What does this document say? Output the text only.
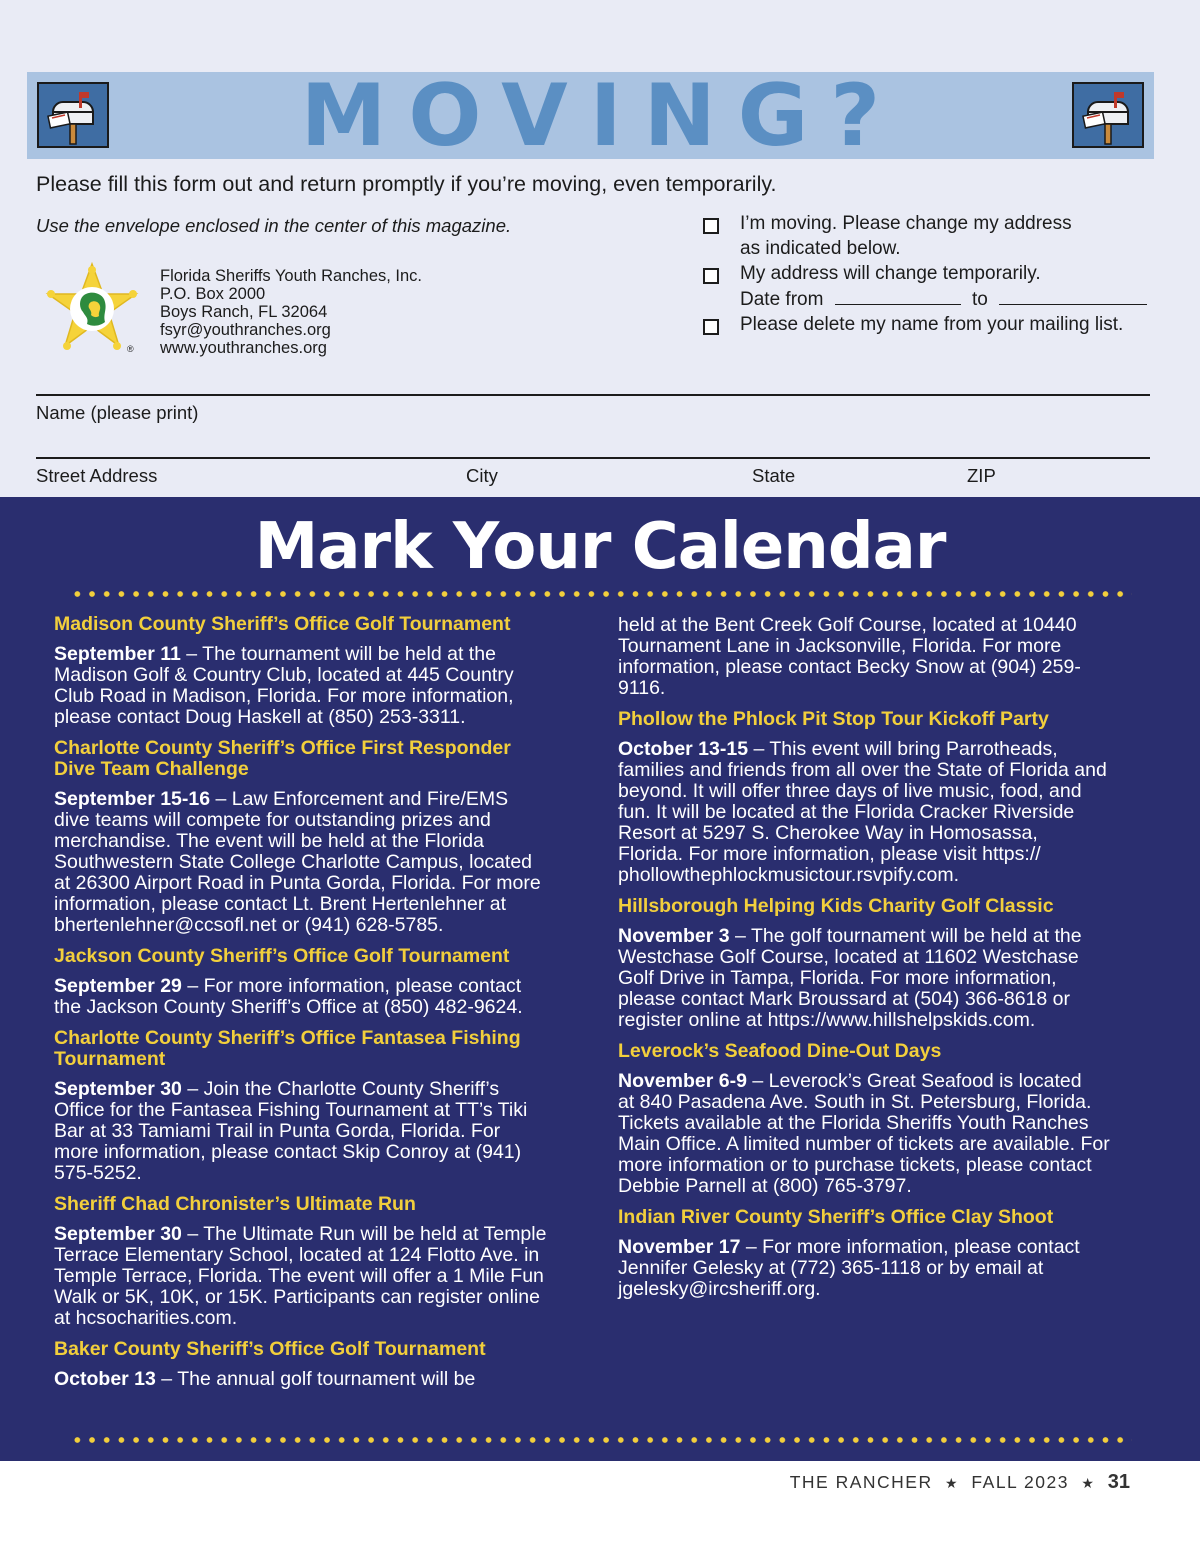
MOVING?
Please fill this form out and return promptly if you’re moving, even temporarily.
Use the envelope enclosed in the center of this magazine.
®
Florida Sheriffs Youth Ranches, Inc.
P.O. Box 2000
Boys Ranch, FL 32064
fsyr@youthranches.org
www.youthranches.org
I’m moving. Please change my address
as indicated below.
My address will change temporarily.
Date from	to
Please delete my name from your mailing list.
Name (please print)
Street Address	City	State	ZIP
Mark Your Calendar
Madison County Sheriff’s Office Golf Tournament
September 11 – The tournament will be held at the
Madison Golf & Country Club, located at 445 Country
Club Road in Madison, Florida. For more information,
please contact Doug Haskell at (850) 253-3311.
Charlotte County Sheriff’s Office First Responder
Dive Team Challenge
September 15-16 – Law Enforcement and Fire/EMS
dive teams will compete for outstanding prizes and
merchandise. The event will be held at the Florida
Southwestern State College Charlotte Campus, located
at 26300 Airport Road in Punta Gorda, Florida. For more
information, please contact Lt. Brent Hertenlehner at
bhertenlehner@ccsofl.net or (941) 628-5785.
Jackson County Sheriff’s Office Golf Tournament
September 29 – For more information, please contact
the Jackson County Sheriff’s Office at (850) 482-9624.
Charlotte County Sheriff’s Office Fantasea Fishing
Tournament
September 30 – Join the Charlotte County Sheriff’s
Office for the Fantasea Fishing Tournament at TT’s Tiki
Bar at 33 Tamiami Trail in Punta Gorda, Florida. For
more information, please contact Skip Conroy at (941)
575-5252.
Sheriff Chad Chronister’s Ultimate Run
September 30 – The Ultimate Run will be held at Temple
Terrace Elementary School, located at 124 Flotto Ave. in
Temple Terrace, Florida. The event will offer a 1 Mile Fun
Walk or 5K, 10K, or 15K. Participants can register online
at hcsocharities.com.
Baker County Sheriff’s Office Golf Tournament
October 13 – The annual golf tournament will be
held at the Bent Creek Golf Course, located at 10440
Tournament Lane in Jacksonville, Florida. For more
information, please contact Becky Snow at (904) 259-
9116.
Phollow the Phlock Pit Stop Tour Kickoff Party
October 13-15 – This event will bring Parrotheads,
families and friends from all over the State of Florida and
beyond. It will offer three days of live music, food, and
fun. It will be located at the Florida Cracker Riverside
Resort at 5297 S. Cherokee Way in Homosassa,
Florida. For more information, please visit https://
phollowthephlockmusictour.rsvpify.com.
Hillsborough Helping Kids Charity Golf Classic
November 3 – The golf tournament will be held at the
Westchase Golf Course, located at 11602 Westchase
Golf Drive in Tampa, Florida. For more information,
please contact Mark Broussard at (504) 366-8618 or
register online at https://www.hillshelpskids.com.
Leverock’s Seafood Dine-Out Days
November 6-9 – Leverock’s Great Seafood is located
at 840 Pasadena Ave. South in St. Petersburg, Florida.
Tickets available at the Florida Sheriffs Youth Ranches
Main Office. A limited number of tickets are available. For
more information or to purchase tickets, please contact
Debbie Parnell at (800) 765-3797.
Indian River County Sheriff’s Office Clay Shoot
November 17 – For more information, please contact
Jennifer Gelesky at (772) 365-1118 or by email at
jgelesky@ircsheriff.org.
THE RANCHER ★ FALL 2023 ★ 31
